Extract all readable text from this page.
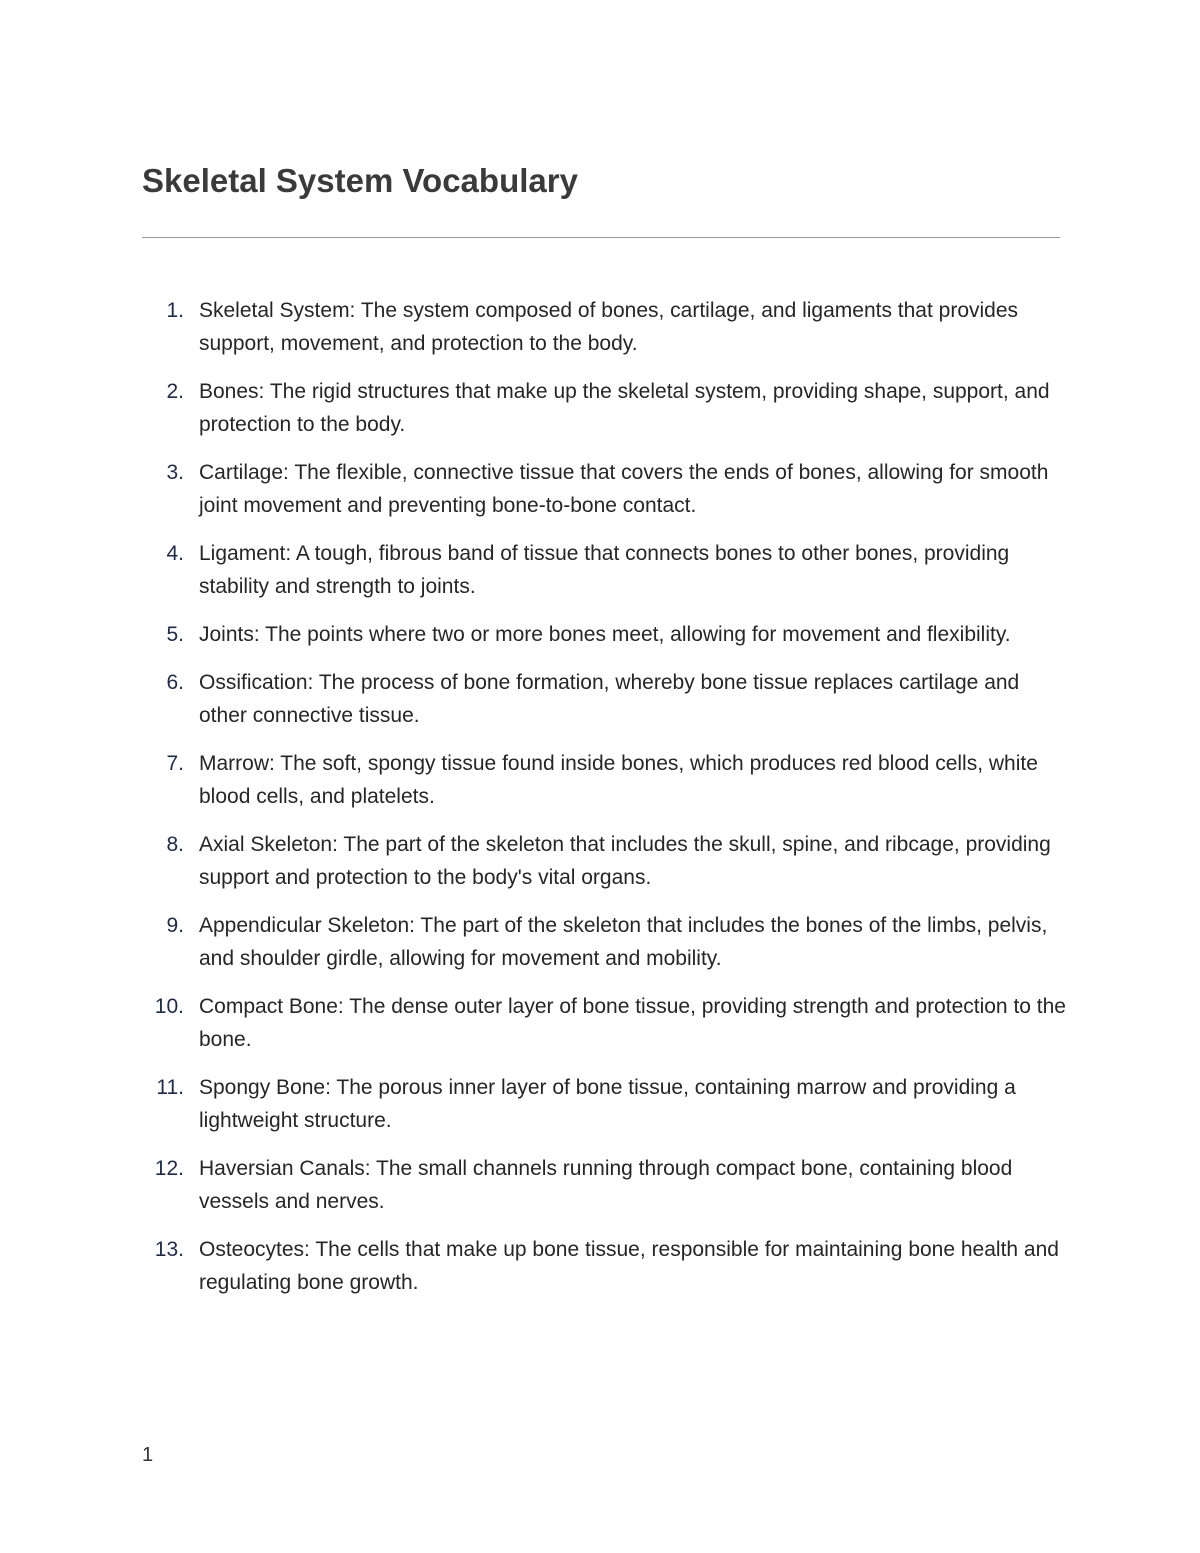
Skeletal System Vocabulary
1. Skeletal System: The system composed of bones, cartilage, and ligaments that provides support, movement, and protection to the body.
2. Bones: The rigid structures that make up the skeletal system, providing shape, support, and protection to the body.
3. Cartilage: The flexible, connective tissue that covers the ends of bones, allowing for smooth joint movement and preventing bone-to-bone contact.
4. Ligament: A tough, fibrous band of tissue that connects bones to other bones, providing stability and strength to joints.
5. Joints: The points where two or more bones meet, allowing for movement and flexibility.
6. Ossification: The process of bone formation, whereby bone tissue replaces cartilage and other connective tissue.
7. Marrow: The soft, spongy tissue found inside bones, which produces red blood cells, white blood cells, and platelets.
8. Axial Skeleton: The part of the skeleton that includes the skull, spine, and ribcage, providing support and protection to the body's vital organs.
9. Appendicular Skeleton: The part of the skeleton that includes the bones of the limbs, pelvis, and shoulder girdle, allowing for movement and mobility.
10. Compact Bone: The dense outer layer of bone tissue, providing strength and protection to the bone.
11. Spongy Bone: The porous inner layer of bone tissue, containing marrow and providing a lightweight structure.
12. Haversian Canals: The small channels running through compact bone, containing blood vessels and nerves.
13. Osteocytes: The cells that make up bone tissue, responsible for maintaining bone health and regulating bone growth.
1
